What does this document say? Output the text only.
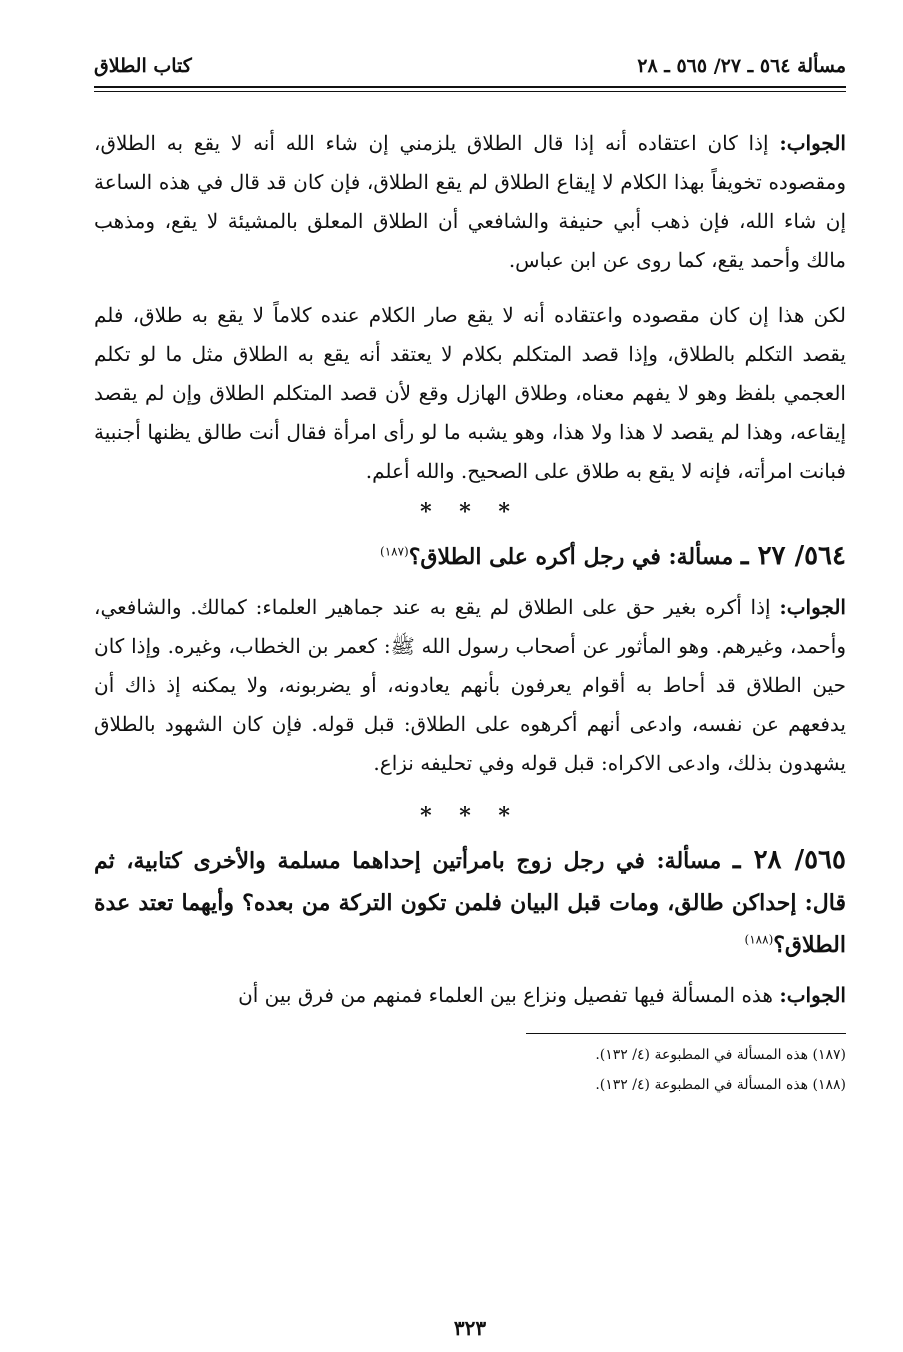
مسألة ٥٦٤ ـ ٢٧/ ٥٦٥ ـ ٢٨
كتاب الطلاق

الجواب: إذا كان اعتقاده أنه إذا قال الطلاق يلزمني إن شاء الله أنه لا يقع به الطلاق، ومقصوده تخويفاً بهذا الكلام لا إيقاع الطلاق لم يقع الطلاق، فإن كان قد قال في هذه الساعة إن شاء الله، فإن ذهب أبي حنيفة والشافعي أن الطلاق المعلق بالمشيئة لا يقع، ومذهب مالك وأحمد يقع، كما روى عن ابن عباس.

لكن هذا إن كان مقصوده واعتقاده أنه لا يقع صار الكلام عنده كلاماً لا يقع به طلاق، فلم يقصد التكلم بالطلاق، وإذا قصد المتكلم بكلام لا يعتقد أنه يقع به الطلاق مثل ما لو تكلم العجمي بلفظ وهو لا يفهم معناه، وطلاق الهازل وقع لأن قصد المتكلم الطلاق وإن لم يقصد إيقاعه، وهذا لم يقصد لا هذا ولا هذا، وهو يشبه ما لو رأى امرأة فقال أنت طالق يظنها أجنبية فبانت امرأته، فإنه لا يقع به طلاق على الصحيح. والله أعلم.

* * *
٥٦٤/ ٢٧ ـ مسألة: في رجل أكره على الطلاق؟$^{(١٨٧)}$

الجواب: إذا أكره بغير حق على الطلاق لم يقع به عند جماهير العلماء: كمالك. والشافعي، وأحمد، وغيرهم. وهو المأثور عن أصحاب رسول الله ﷺ: كعمر بن الخطاب، وغيره. وإذا كان حين الطلاق قد أحاط به أقوام يعرفون بأنهم يعادونه، أو يضربونه، ولا يمكنه إذ ذاك أن يدفعهم عن نفسه، وادعى أنهم أكرهوه على الطلاق: قبل قوله. فإن كان الشهود بالطلاق يشهدون بذلك، وادعى الاكراه: قبل قوله وفي تحليفه نزاع.

* * *
٥٦٥/ ٢٨ ـ مسألة: في رجل زوج بامرأتين إحداهما مسلمة والأخرى كتابية، ثم قال: إحداكن طالق، ومات قبل البيان فلمن تكون التركة من بعده؟ وأيهما تعتد عدة الطلاق؟$^{(١٨٨)}$

الجواب: هذه المسألة فيها تفصيل ونزاع بين العلماء فمنهم من فرق بين أن

(١٨٧) هذه المسألة في المطبوعة (٤/ ١٣٢).
(١٨٨) هذه المسألة في المطبوعة (٤/ ١٣٢).
٣٢٣
